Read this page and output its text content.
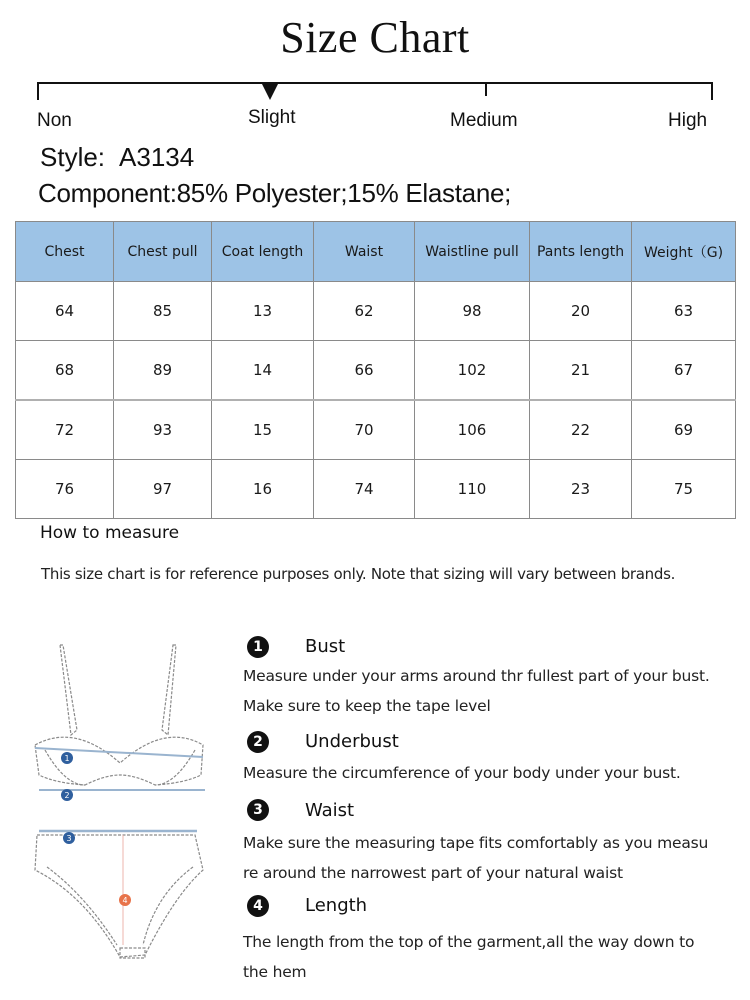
Size Chart
Non	Slight	Medium	High
Style: A3134
Component:85% Polyester;15% Elastane;
Chest	Chest pull	Coat length	Waist	Waistline pull	Pants length	Weight（G)
64	85	13	62	98	20	63
68	89	14	66	102	21	67
72	93	15	70	106	22	69
76	97	16	74	110	23	75
How to measure
This size chart is for reference purposes only. Note that sizing will vary between brands.
1
2
3
4
1	Bust
Measure under your arms around thr fullest part of your bust.
Make sure to keep the tape level
2	Underbust
Measure the circumference of your body under your bust.
3	Waist
Make sure the measuring tape fits comfortably as you measu
re around the narrowest part of your natural waist
4	Length
The length from the top of the garment,all the way down to
the hem
